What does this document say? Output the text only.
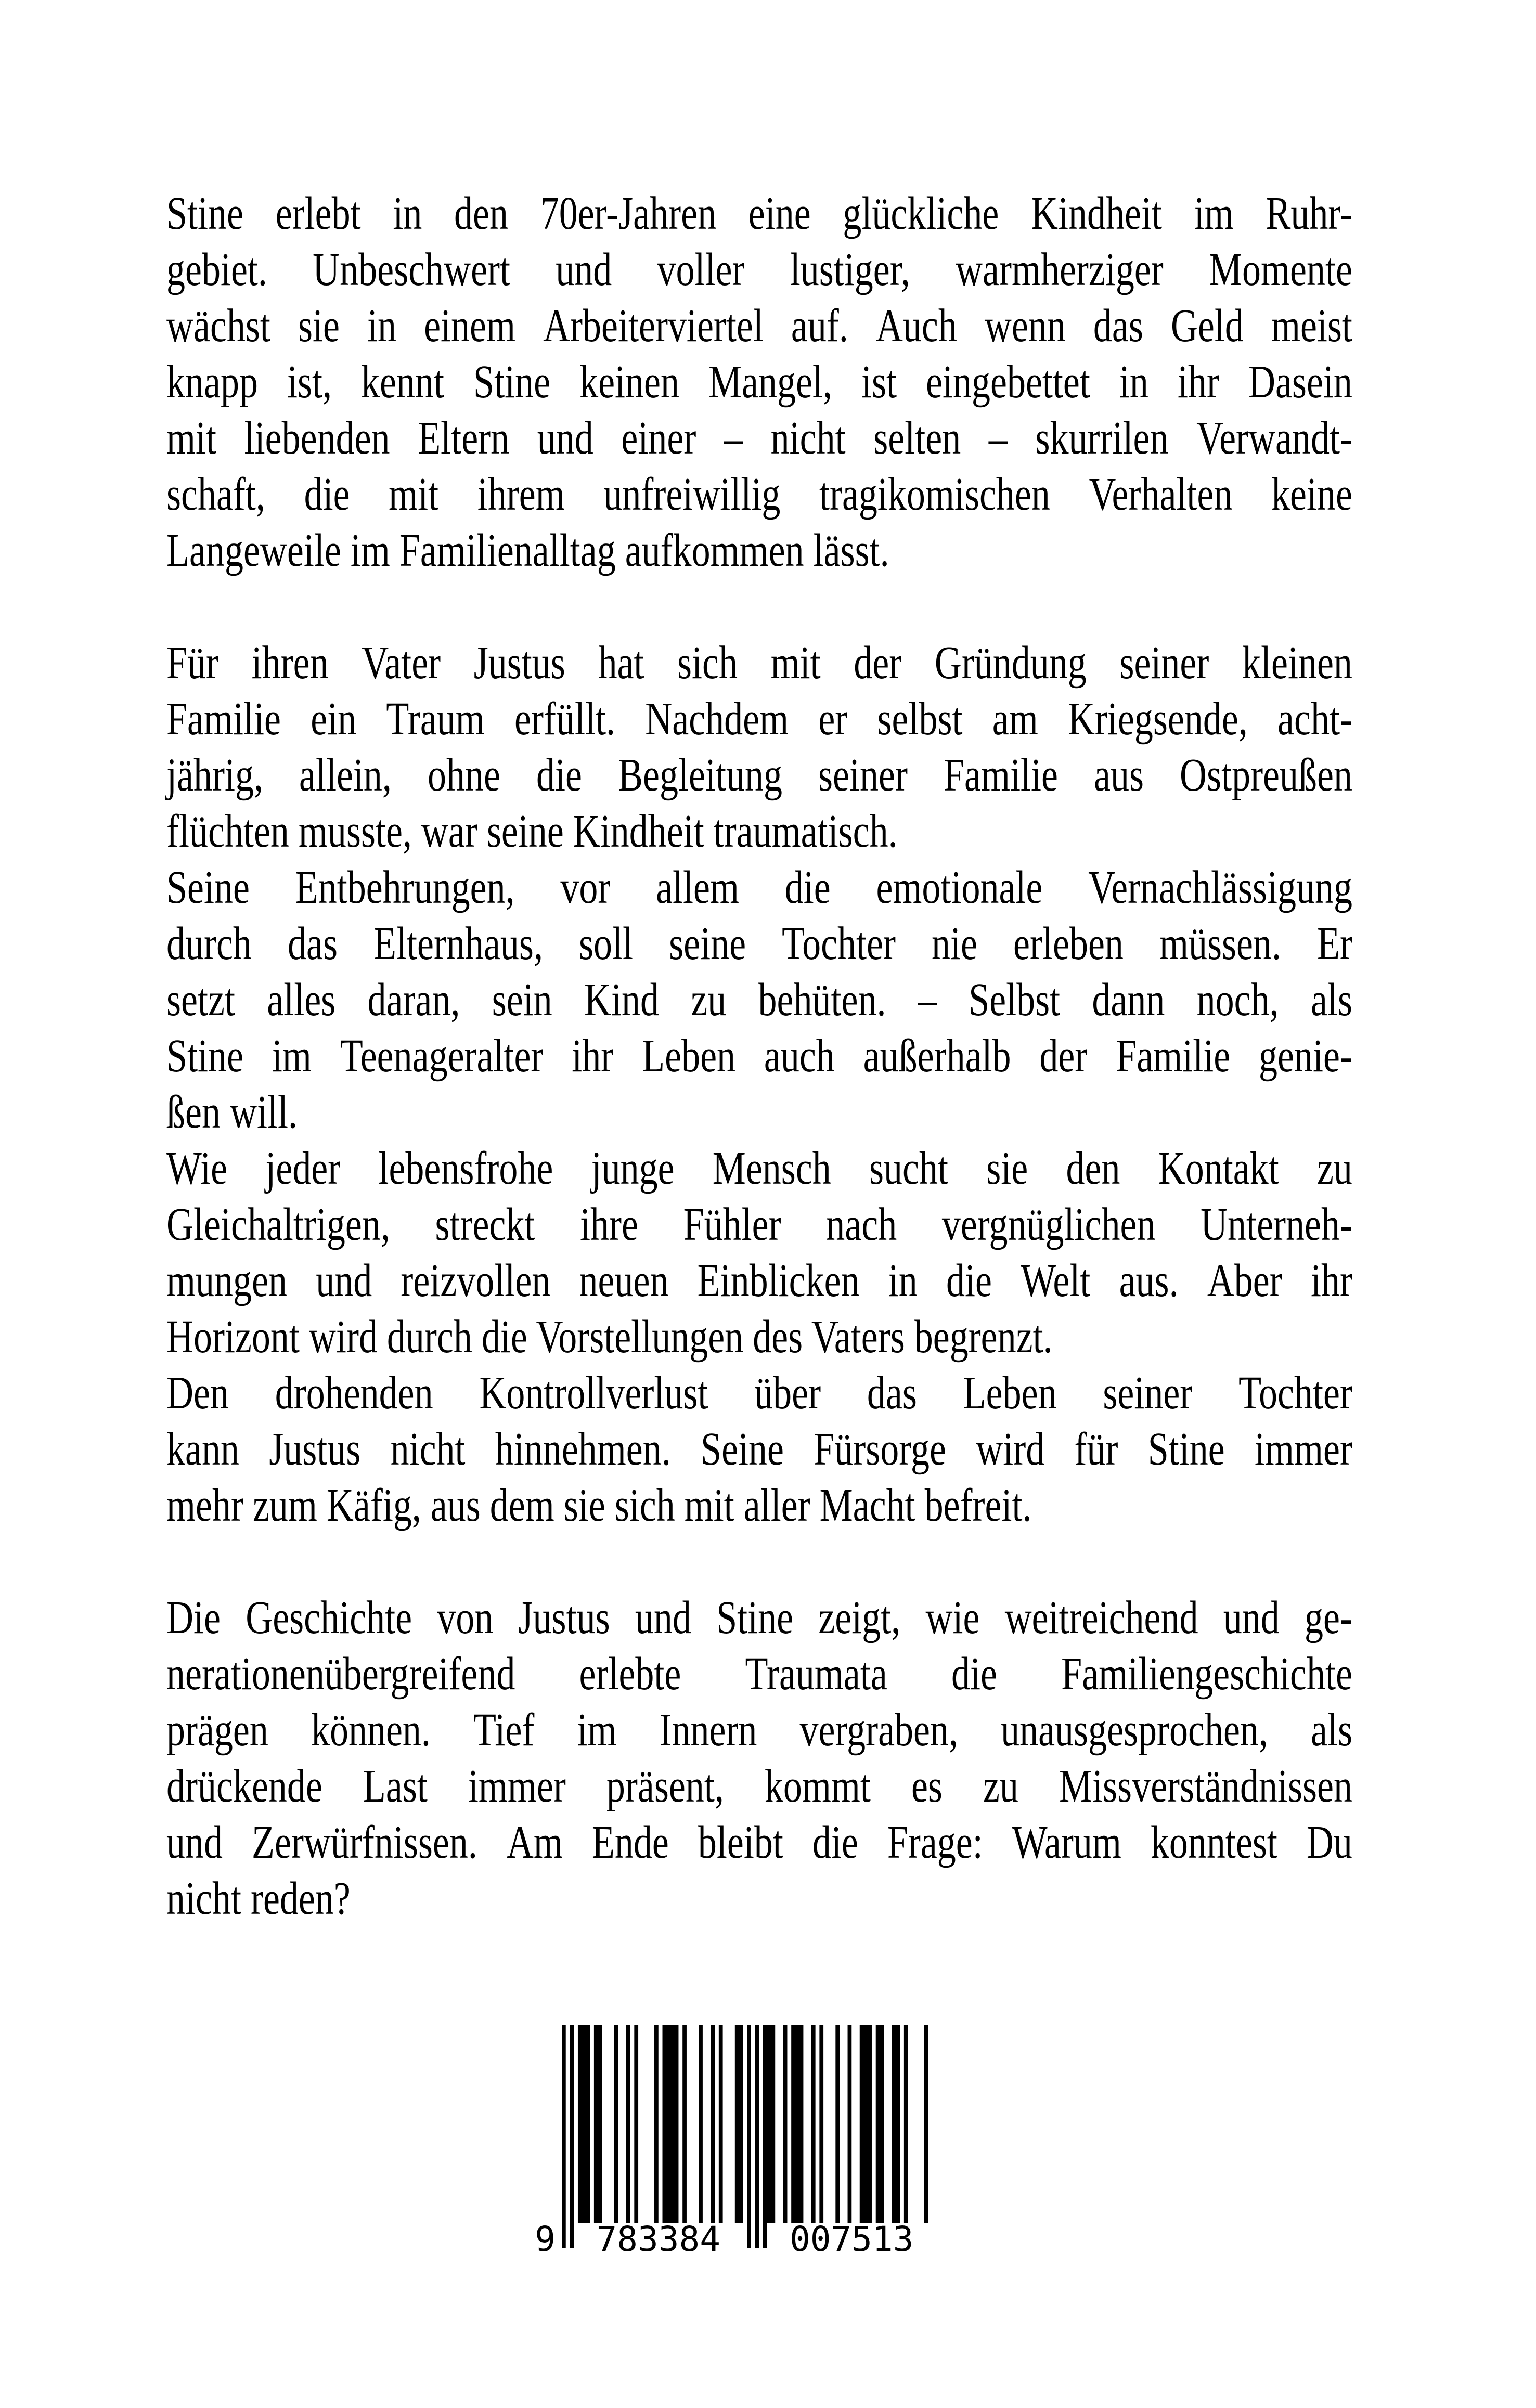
Stine erlebt in den 70er-Jahren eine glückliche Kindheit im Ruhr-
gebiet. Unbeschwert und voller lustiger, warmherziger Momente
wächst sie in einem Arbeiterviertel auf. Auch wenn das Geld meist
knapp ist, kennt Stine keinen Mangel, ist eingebettet in ihr Dasein
mit liebenden Eltern und einer – nicht selten – skurrilen Verwandt-
schaft, die mit ihrem unfreiwillig tragikomischen Verhalten keine
Langeweile im Familienalltag aufkommen lässt.
Für ihren Vater Justus hat sich mit der Gründung seiner kleinen
Familie ein Traum erfüllt. Nachdem er selbst am Kriegsende, acht-
jährig, allein, ohne die Begleitung seiner Familie aus Ostpreußen
flüchten musste, war seine Kindheit traumatisch.
Seine Entbehrungen, vor allem die emotionale Vernachlässigung
durch das Elternhaus, soll seine Tochter nie erleben müssen. Er
setzt alles daran, sein Kind zu behüten. – Selbst dann noch, als
Stine im Teenageralter ihr Leben auch außerhalb der Familie genie-
ßen will.
Wie jeder lebensfrohe junge Mensch sucht sie den Kontakt zu
Gleichaltrigen, streckt ihre Fühler nach vergnüglichen Unterneh-
mungen und reizvollen neuen Einblicken in die Welt aus. Aber ihr
Horizont wird durch die Vorstellungen des Vaters begrenzt.
Den drohenden Kontrollverlust über das Leben seiner Tochter
kann Justus nicht hinnehmen. Seine Fürsorge wird für Stine immer
mehr zum Käfig, aus dem sie sich mit aller Macht befreit.
Die Geschichte von Justus und Stine zeigt, wie weitreichend und ge-
nerationenübergreifend erlebte Traumata die Familiengeschichte
prägen können. Tief im Innern vergraben, unausgesprochen, als
drückende Last immer präsent, kommt es zu Missverständnissen
und Zerwürfnissen. Am Ende bleibt die Frage: Warum konntest Du
nicht reden?
9 783384 007513
